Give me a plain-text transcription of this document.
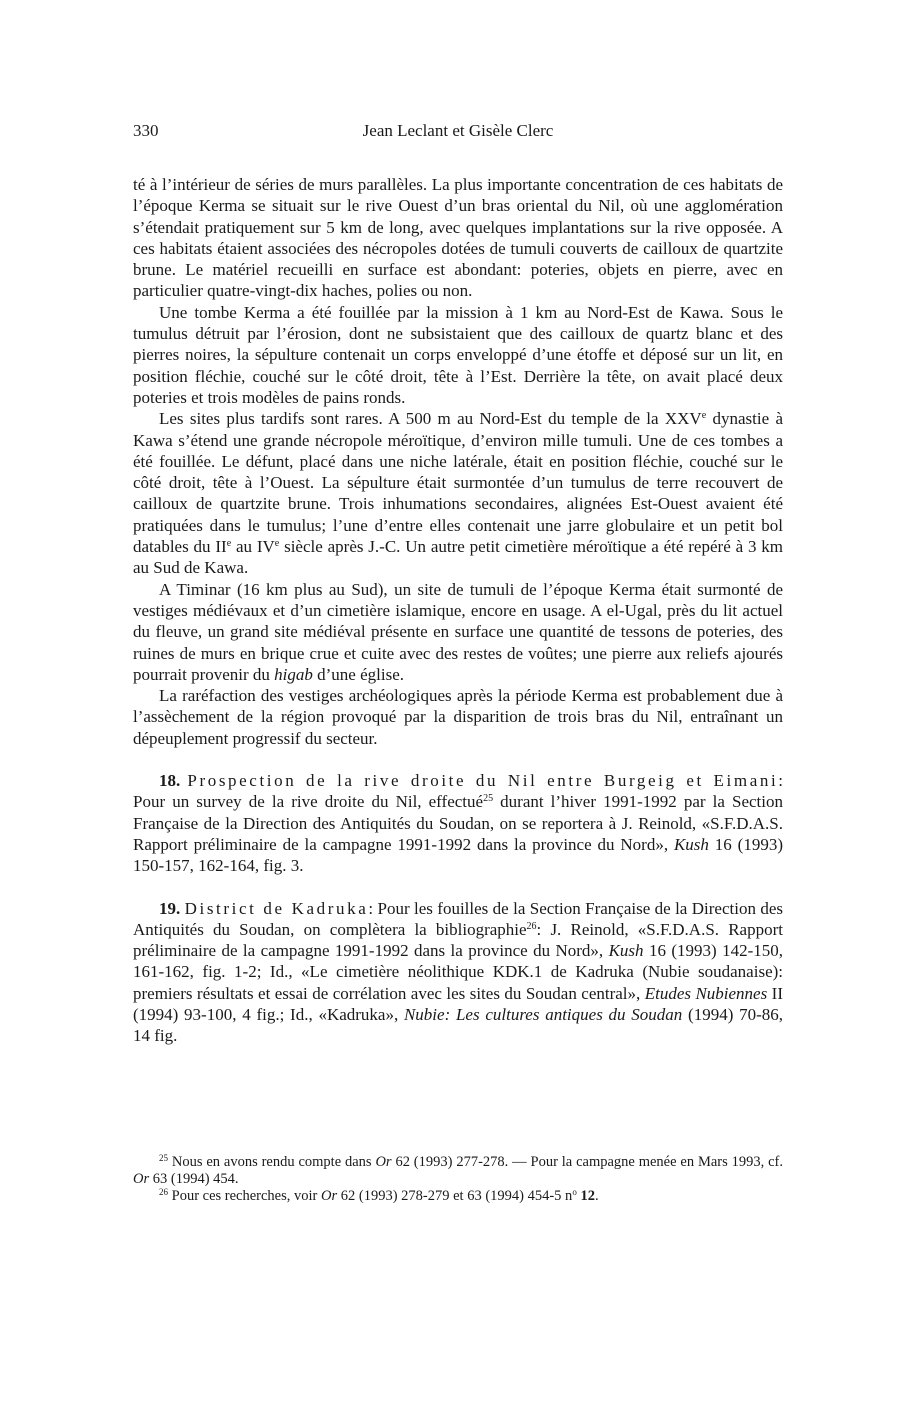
330	Jean Leclant et Gisèle Clerc

té à l’intérieur de séries de murs parallèles. La plus importante concentration de ces habitats de l’époque Kerma se situait sur le rive Ouest d’un bras oriental du Nil, où une agglomération s’étendait pratiquement sur 5 km de long, avec quelques implantations sur la rive opposée. A ces habitats étaient associées des nécropoles dotées de tumuli couverts de cailloux de quartzite brune. Le matériel recueilli en surface est abondant: poteries, objets en pierre, avec en particulier quatre-vingt-dix haches, polies ou non.

Une tombe Kerma a été fouillée par la mission à 1 km au Nord-Est de Kawa. Sous le tumulus détruit par l’érosion, dont ne subsistaient que des cailloux de quartz blanc et des pierres noires, la sépulture contenait un corps enveloppé d’une étoffe et déposé sur un lit, en position fléchie, couché sur le côté droit, tête à l’Est. Derrière la tête, on avait placé deux poteries et trois modèles de pains ronds.

Les sites plus tardifs sont rares. A 500 m au Nord-Est du temple de la XXVe dynastie à Kawa s’étend une grande nécropole méroïtique, d’environ mille tumuli. Une de ces tombes a été fouillée. Le défunt, placé dans une niche latérale, était en position fléchie, couché sur le côté droit, tête à l’Ouest. La sépulture était surmontée d’un tumulus de terre recouvert de cailloux de quartzite brune. Trois inhumations secondaires, alignées Est-Ouest avaient été pratiquées dans le tumulus; l’une d’entre elles contenait une jarre globulaire et un petit bol datables du IIe au IVe siècle après J.-C. Un autre petit cimetière méroïtique a été repéré à 3 km au Sud de Kawa.

A Timinar (16 km plus au Sud), un site de tumuli de l’époque Kerma était surmonté de vestiges médiévaux et d’un cimetière islamique, encore en usage. A el-Ugal, près du lit actuel du fleuve, un grand site médiéval présente en surface une quantité de tessons de poteries, des ruines de murs en brique crue et cuite avec des restes de voûtes; une pierre aux reliefs ajourés pourrait provenir du higab d’une église.

La raréfaction des vestiges archéologiques après la période Kerma est probablement due à l’assèchement de la région provoqué par la disparition de trois bras du Nil, entraînant un dépeuplement progressif du secteur.

18. Prospection de la rive droite du Nil entre Burgeig et Eimani: Pour un survey de la rive droite du Nil, effectué$^{25}$ durant l’hiver 1991-1992 par la Section Française de la Direction des Antiquités du Soudan, on se reportera à J. Reinold, «S.F.D.A.S. Rapport préliminaire de la campagne 1991-1992 dans la province du Nord», Kush 16 (1993) 150-157, 162-164, fig. 3.

19. District de Kadruka: Pour les fouilles de la Section Française de la Direction des Antiquités du Soudan, on complètera la bibliographie$^{26}$: J. Reinold, «S.F.D.A.S. Rapport préliminaire de la campagne 1991-1992 dans la province du Nord», Kush 16 (1993) 142-150, 161-162, fig. 1-2; Id., «Le cimetière néolithique KDK.1 de Kadruka (Nubie soudanaise): premiers résultats et essai de corrélation avec les sites du Soudan central», Etudes Nubiennes II (1994) 93-100, 4 fig.; Id., «Kadruka», Nubie: Les cultures antiques du Soudan (1994) 70-86, 14 fig.

$^{25}$ Nous en avons rendu compte dans Or 62 (1993) 277-278. — Pour la campagne menée en Mars 1993, cf. Or 63 (1994) 454.

$^{26}$ Pour ces recherches, voir Or 62 (1993) 278-279 et 63 (1994) 454-5 $n^o$ 12.
